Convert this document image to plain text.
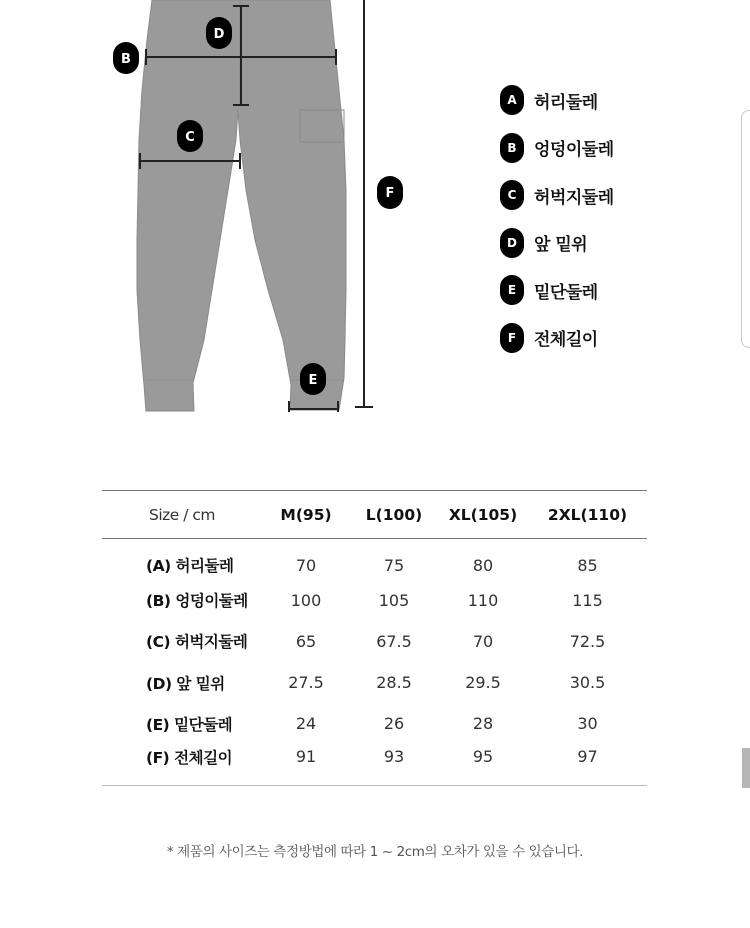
B
D
C
F
E
A	허리둘레
B	엉덩이둘레
C	허벅지둘레
D	앞 밑위
E	밑단둘레
F	전체길이
Size / cm	M(95)	L(100)	XL(105)	2XL(110)
(A) 허리둘레	70	75	80	85
(B) 엉덩이둘레	100	105	110	115
(C) 허벅지둘레	65	67.5	70	72.5
(D) 앞 밑위	27.5	28.5	29.5	30.5
(E) 밑단둘레	24	26	28	30
(F) 전체길이	91	93	95	97
* 제품의 사이즈는 측정방법에 따라 1 ~ 2cm의 오차가 있을 수 있습니다.
